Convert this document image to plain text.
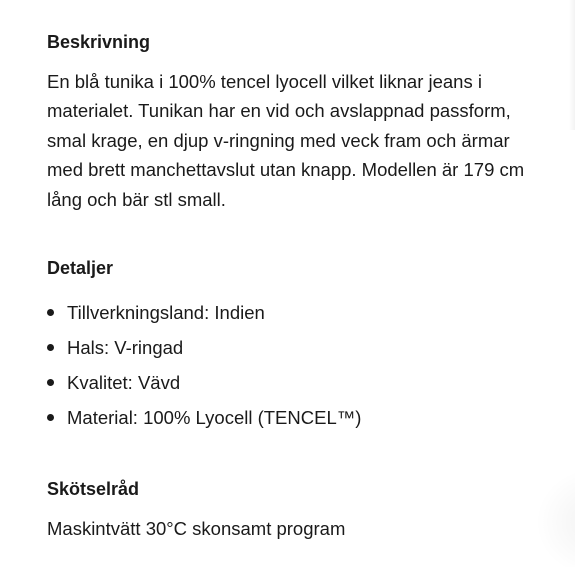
Beskrivning

En blå tunika i 100% tencel lyocell vilket liknar jeans i materialet. Tunikan har en vid och avslappnad passform, smal krage, en djup v-ringning med veck fram och ärmar med brett manchettavslut utan knapp. Modellen är 179 cm lång och bär stl small.

Detaljer
Tillverkningsland: Indien
Hals: V-ringad
Kvalitet: Vävd
Material: 100% Lyocell (TENCEL™)
Skötselråd

Maskintvätt 30°C skonsamt program
